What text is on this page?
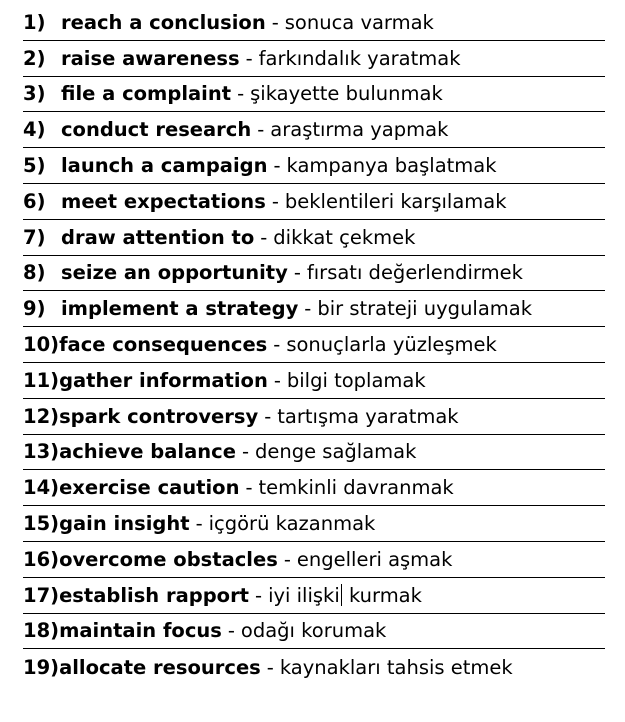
1) reach a conclusion - sonuca varmak
2) raise awareness - farkındalık yaratmak
3) file a complaint - şikayette bulunmak
4) conduct research - araştırma yapmak
5) launch a campaign - kampanya başlatmak
6) meet expectations - beklentileri karşılamak
7) draw attention to - dikkat çekmek
8) seize an opportunity - fırsatı değerlendirmek
9) implement a strategy - bir strateji uygulamak
10) face consequences - sonuçlarla yüzleşmek
11) gather information - bilgi toplamak
12) spark controversy - tartışma yaratmak
13) achieve balance - denge sağlamak
14) exercise caution - temkinli davranmak
15) gain insight - içgörü kazanmak
16) overcome obstacles - engelleri aşmak
17) establish rapport - iyi ilişki kurmak
18) maintain focus - odağı korumak
19) allocate resources - kaynakları tahsis etmek
